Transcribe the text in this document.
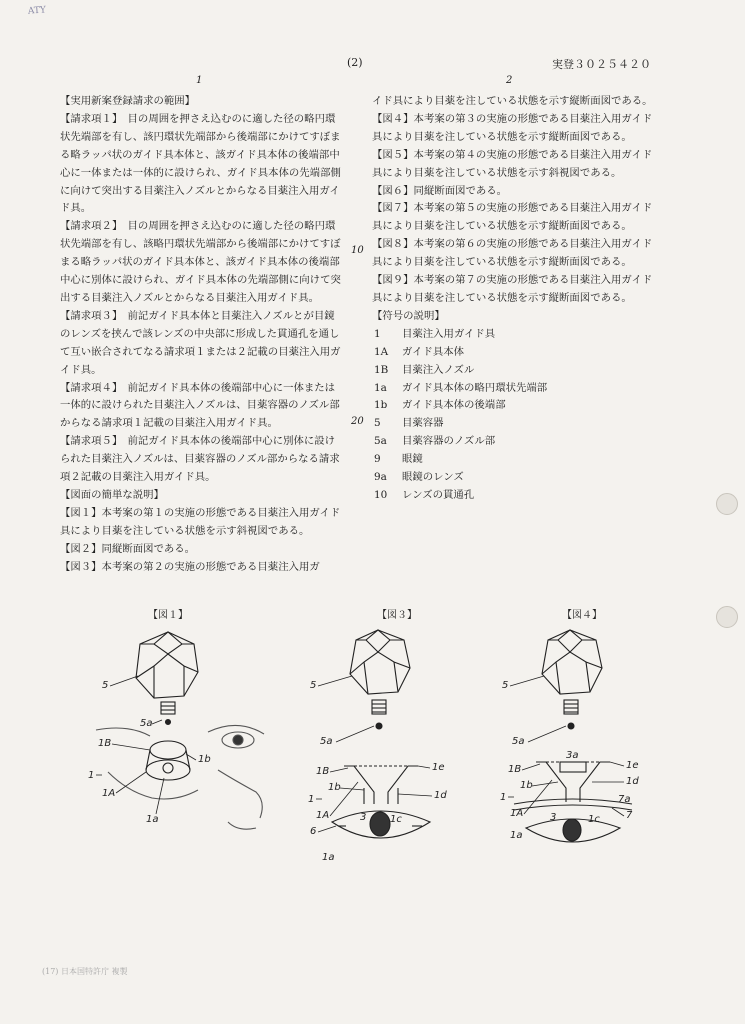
ATY
(2)	実登３０２５４２０
1	2

【実用新案登録請求の範囲】

【請求項１】　目の周囲を押さえ込むのに適した径の略円環状先端部を有し、該円環状先端部から後端部にかけてすぼまる略ラッパ状のガイド具本体と、該ガイド具本体の後端部中心に一体または一体的に設けられ、ガイド具本体の先端部側に向けて突出する目薬注入ノズルとからなる目薬注入用ガイド具。

【請求項２】　目の周囲を押さえ込むのに適した径の略円環状先端部を有し、該略円環状先端部から後端部にかけてすぼまる略ラッパ状のガイド具本体と、該ガイド具本体の後端部中心に別体に設けられ、ガイド具本体の先端部側に向けて突出する目薬注入ノズルとからなる目薬注入用ガイド具。

【請求項３】　前記ガイド具本体と目薬注入ノズルとが目鏡のレンズを挟んで該レンズの中央部に形成した貫通孔を通して互い嵌合されてなる請求項１または２記載の目薬注入用ガイド具。

【請求項４】　前記ガイド具本体の後端部中心に一体または一体的に設けられた目薬注入ノズルは、目薬容器のノズル部からなる請求項１記載の目薬注入用ガイド具。

【請求項５】　前記ガイド具本体の後端部中心に別体に設けられた目薬注入ノズルは、目薬容器のノズル部からなる請求項２記載の目薬注入用ガイド具。

【図面の簡単な説明】

【図１】本考案の第１の実施の形態である目薬注入用ガイド具により目薬を注している状態を示す斜視図である。

【図２】同縦断面図である。

【図３】本考案の第２の実施の形態である目薬注入用ガ

10
20

イド具により目薬を注している状態を示す縦断面図である。

【図４】本考案の第３の実施の形態である目薬注入用ガイド具により目薬を注している状態を示す縦断面図である。

【図５】本考案の第４の実施の形態である目薬注入用ガイド具により目薬を注している状態を示す斜視図である。

【図６】同縦断面図である。

【図７】本考案の第５の実施の形態である目薬注入用ガイド具により目薬を注している状態を示す縦断面図である。

【図８】本考案の第６の実施の形態である目薬注入用ガイド具により目薬を注している状態を示す縦断面図である。

【図９】本考案の第７の実施の形態である目薬注入用ガイド具により目薬を注している状態を示す縦断面図である。

【符号の説明】

1	目薬注入用ガイド具
1A	ガイド具本体
1B	目薬注入ノズル
1a	ガイド具本体の略円環状先端部
1b	ガイド具本体の後端部
5	目薬容器
5a	目薬容器のノズル部
9	眼鏡
9a	眼鏡のレンズ
10	レンズの貫通孔
【図１】	【図３】	【図４】
5
5a
1B
1
1A
1b
1a
5
5a
1B
1b
1
1A
6
3
1a
1e
1d
1c
5
5a
3a
1B
1b
1
1A
1a
3
1e
1d
1c
7a
7
(17) 日本国特許庁 複製
